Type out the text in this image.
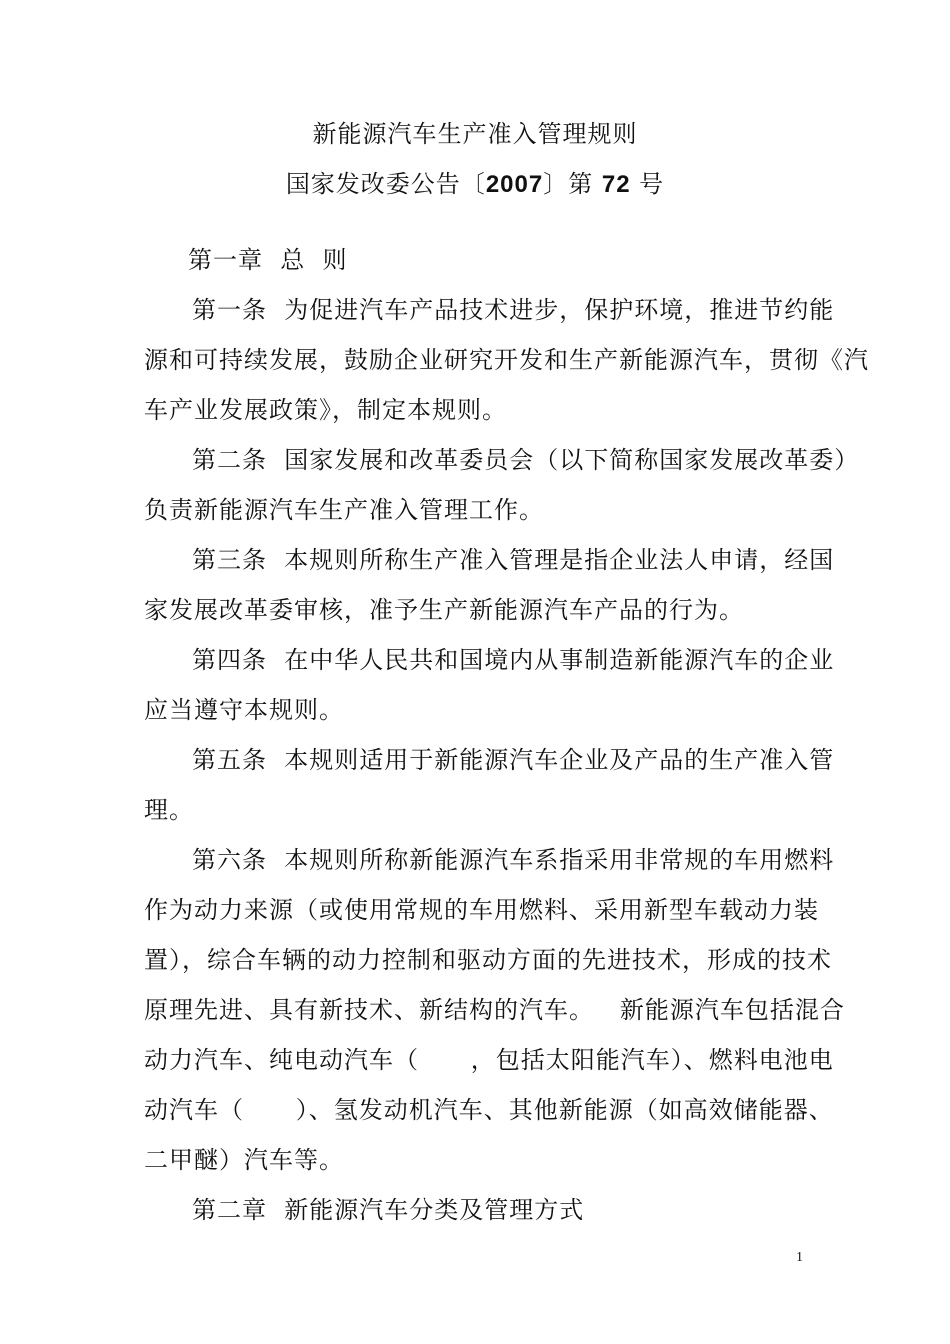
新能源汽车生产准入管理规则
国家发改委公告〔2007〕第 72 号
第一章  总  则
第一条  为促进汽车产品技术进步，保护环境，推进节约能
源和可持续发展，鼓励企业研究开发和生产新能源汽车，贯彻《汽
车产业发展政策》，制定本规则。
第二条  国家发展和改革委员会（以下简称国家发展改革委）
负责新能源汽车生产准入管理工作。
第三条  本规则所称生产准入管理是指企业法人申请，经国
家发展改革委审核，准予生产新能源汽车产品的行为。
第四条  在中华人民共和国境内从事制造新能源汽车的企业
应当遵守本规则。
第五条  本规则适用于新能源汽车企业及产品的生产准入管
理。
第六条  本规则所称新能源汽车系指采用非常规的车用燃料
作为动力来源（或使用常规的车用燃料、采用新型车载动力装
置），综合车辆的动力控制和驱动方面的先进技术，形成的技术
原理先进、具有新技术、新结构的汽车。   新能源汽车包括混合
动力汽车、纯电动汽车（      ，包括太阳能汽车）、燃料电池电
动汽车（      ）、氢发动机汽车、其他新能源（如高效储能器、
二甲醚）汽车等。
第二章  新能源汽车分类及管理方式
1
